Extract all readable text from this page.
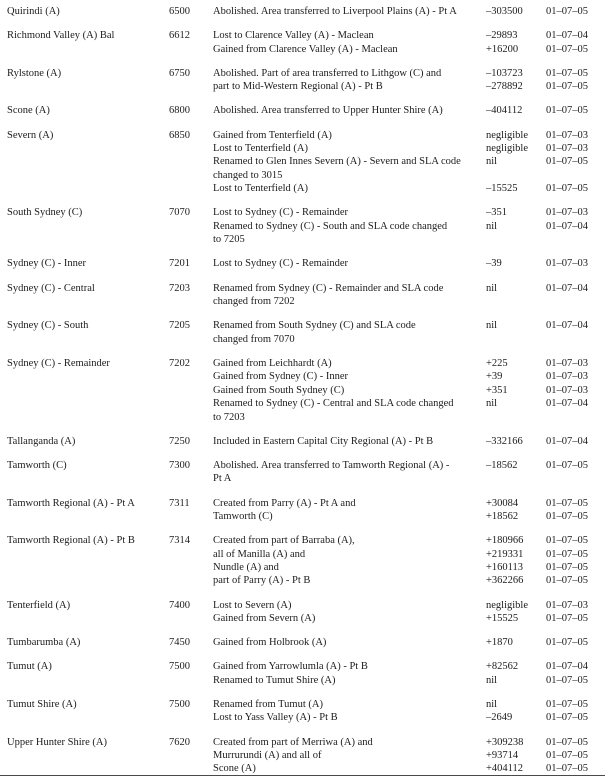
Quirindi (A)	6500	Abolished. Area transferred to Liverpool Plains (A) - Pt A	–303500	01–07–05
Richmond Valley (A) Bal	6612	Lost to Clarence Valley (A) - Maclean	–29893	01–07–04
Gained from Clarence Valley (A) - Maclean	+16200	01–07–05
Rylstone (A)	6750	Abolished. Part of area transferred to Lithgow (C) and	–103723	01–07–05
part to Mid-Western Regional (A) - Pt B	–278892	01–07–05
Scone (A)	6800	Abolished. Area transferred to Upper Hunter Shire (A)	–404112	01–07–05
Severn (A)	6850	Gained from Tenterfield (A)	negligible	01–07–03
Lost to Tenterfield (A)	negligible	01–07–03
Renamed to Glen Innes Severn (A) - Severn and SLA code	nil	01–07–05
changed to 3015
Lost to Tenterfield (A)	–15525	01–07–05
South Sydney (C)	7070	Lost to Sydney (C) - Remainder	–351	01–07–03
Renamed to Sydney (C) - South and SLA code changed	nil	01–07–04
to 7205
Sydney (C) - Inner	7201	Lost to Sydney (C) - Remainder	–39	01–07–03
Sydney (C) - Central	7203	Renamed from Sydney (C) - Remainder and SLA code	nil	01–07–04
changed from 7202
Sydney (C) - South	7205	Renamed from South Sydney (C) and SLA code	nil	01–07–04
changed from 7070
Sydney (C) - Remainder	7202	Gained from Leichhardt (A)	+225	01–07–03
Gained from Sydney (C) - Inner	+39	01–07–03
Gained from South Sydney (C)	+351	01–07–03
Renamed to Sydney (C) - Central and SLA code changed	nil	01–07–04
to 7203
Tallanganda (A)	7250	Included in Eastern Capital City Regional (A) - Pt B	–332166	01–07–04
Tamworth (C)	7300	Abolished. Area transferred to Tamworth Regional (A) -	–18562	01–07–05
Pt A
Tamworth Regional (A) - Pt A	7311	Created from Parry (A) - Pt A and	+30084	01–07–05
Tamworth (C)	+18562	01–07–05
Tamworth Regional (A) - Pt B	7314	Created from part of Barraba (A),	+180966	01–07–05
all of Manilla (A) and	+219331	01–07–05
Nundle (A) and	+160113	01–07–05
part of Parry (A) - Pt B	+362266	01–07–05
Tenterfield (A)	7400	Lost to Severn (A)	negligible	01–07–03
Gained from Severn (A)	+15525	01–07–05
Tumbarumba (A)	7450	Gained from Holbrook (A)	+1870	01–07–05
Tumut (A)	7500	Gained from Yarrowlumla (A) - Pt B	+82562	01–07–04
Renamed to Tumut Shire (A)	nil	01–07–05
Tumut Shire (A)	7500	Renamed from Tumut (A)	nil	01–07–05
Lost to Yass Valley (A) - Pt B	–2649	01–07–05
Upper Hunter Shire (A)	7620	Created from part of Merriwa (A) and	+309238	01–07–05
Murrurundi (A) and all of	+93714	01–07–05
Scone (A)	+404112	01–07–05
